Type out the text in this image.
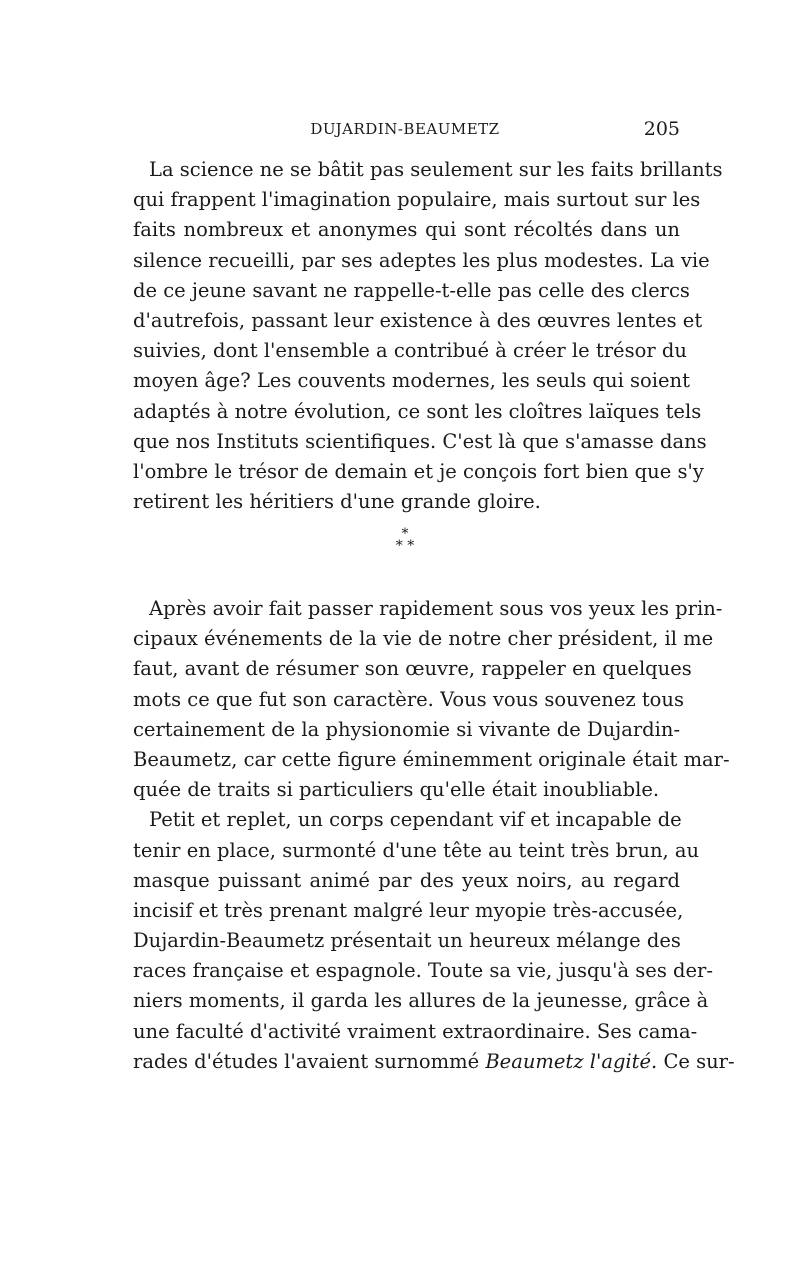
DUJARDIN-BEAUMETZ	205
La science ne se bâtit pas seulement sur les faits brillants
qui frappent l'imagination populaire, mais surtout sur les
faits nombreux et anonymes qui sont récoltés dans un
silence recueilli, par ses adeptes les plus modestes. La vie
de ce jeune savant ne rappelle-t-elle pas celle des clercs
d'autrefois, passant leur existence à des œuvres lentes et
suivies, dont l'ensemble a contribué à créer le trésor du
moyen âge? Les couvents modernes, les seuls qui soient
adaptés à notre évolution, ce sont les cloîtres laïques tels
que nos Instituts scientifiques. C'est là que s'amasse dans
l'ombre le trésor de demain et je conçois fort bien que s'y
retirent les héritiers d'une grande gloire.
*
* *
Après avoir fait passer rapidement sous vos yeux les prin-
cipaux événements de la vie de notre cher président, il me
faut, avant de résumer son œuvre, rappeler en quelques
mots ce que fut son caractère. Vous vous souvenez tous
certainement de la physionomie si vivante de Dujardin-
Beaumetz, car cette figure éminemment originale était mar-
quée de traits si particuliers qu'elle était inoubliable.
Petit et replet, un corps cependant vif et incapable de
tenir en place, surmonté d'une tête au teint très brun, au
masque puissant animé par des yeux noirs, au regard
incisif et très prenant malgré leur myopie très-accusée,
Dujardin-Beaumetz présentait un heureux mélange des
races française et espagnole. Toute sa vie, jusqu'à ses der-
niers moments, il garda les allures de la jeunesse, grâce à
une faculté d'activité vraiment extraordinaire. Ses cama-
rades d'études l'avaient surnommé Beaumetz l'agité. Ce sur-
